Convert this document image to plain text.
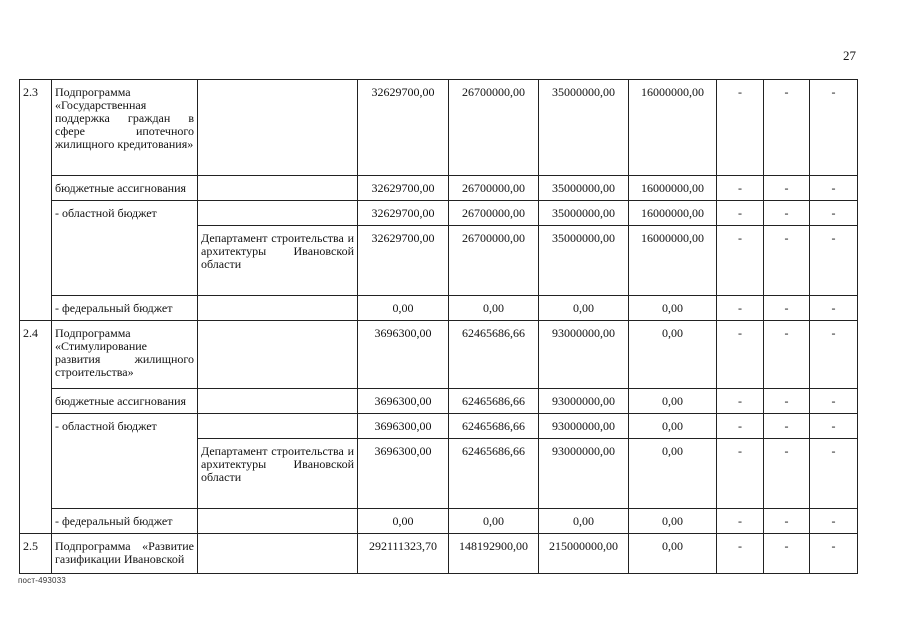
27
2.3	Подпрограмма «Государственная поддержка граждан в сфере ипотечного жилищного кредитования»		32629700,00	26700000,00	35000000,00	16000000,00	-	-	-
	бюджетные ассигнования		32629700,00	26700000,00	35000000,00	16000000,00	-	-	-
	- областной бюджет		32629700,00	26700000,00	35000000,00	16000000,00	-	-	-
		Департамент строительства и архитектуры Ивановской области	32629700,00	26700000,00	35000000,00	16000000,00	-	-	-
	- федеральный бюджет		0,00	0,00	0,00	0,00	-	-	-
2.4	Подпрограмма «Стимулирование развития жилищного строительства»		3696300,00	62465686,66	93000000,00	0,00	-	-	-
	бюджетные ассигнования		3696300,00	62465686,66	93000000,00	0,00	-	-	-
	- областной бюджет		3696300,00	62465686,66	93000000,00	0,00	-	-	-
		Департамент строительства и архитектуры Ивановской области	3696300,00	62465686,66	93000000,00	0,00	-	-	-
	- федеральный бюджет		0,00	0,00	0,00	0,00	-	-	-
2.5	Подпрограмма «Развитие газификации Ивановской		292111323,70	148192900,00	215000000,00	0,00	-	-	-
пост-493033
